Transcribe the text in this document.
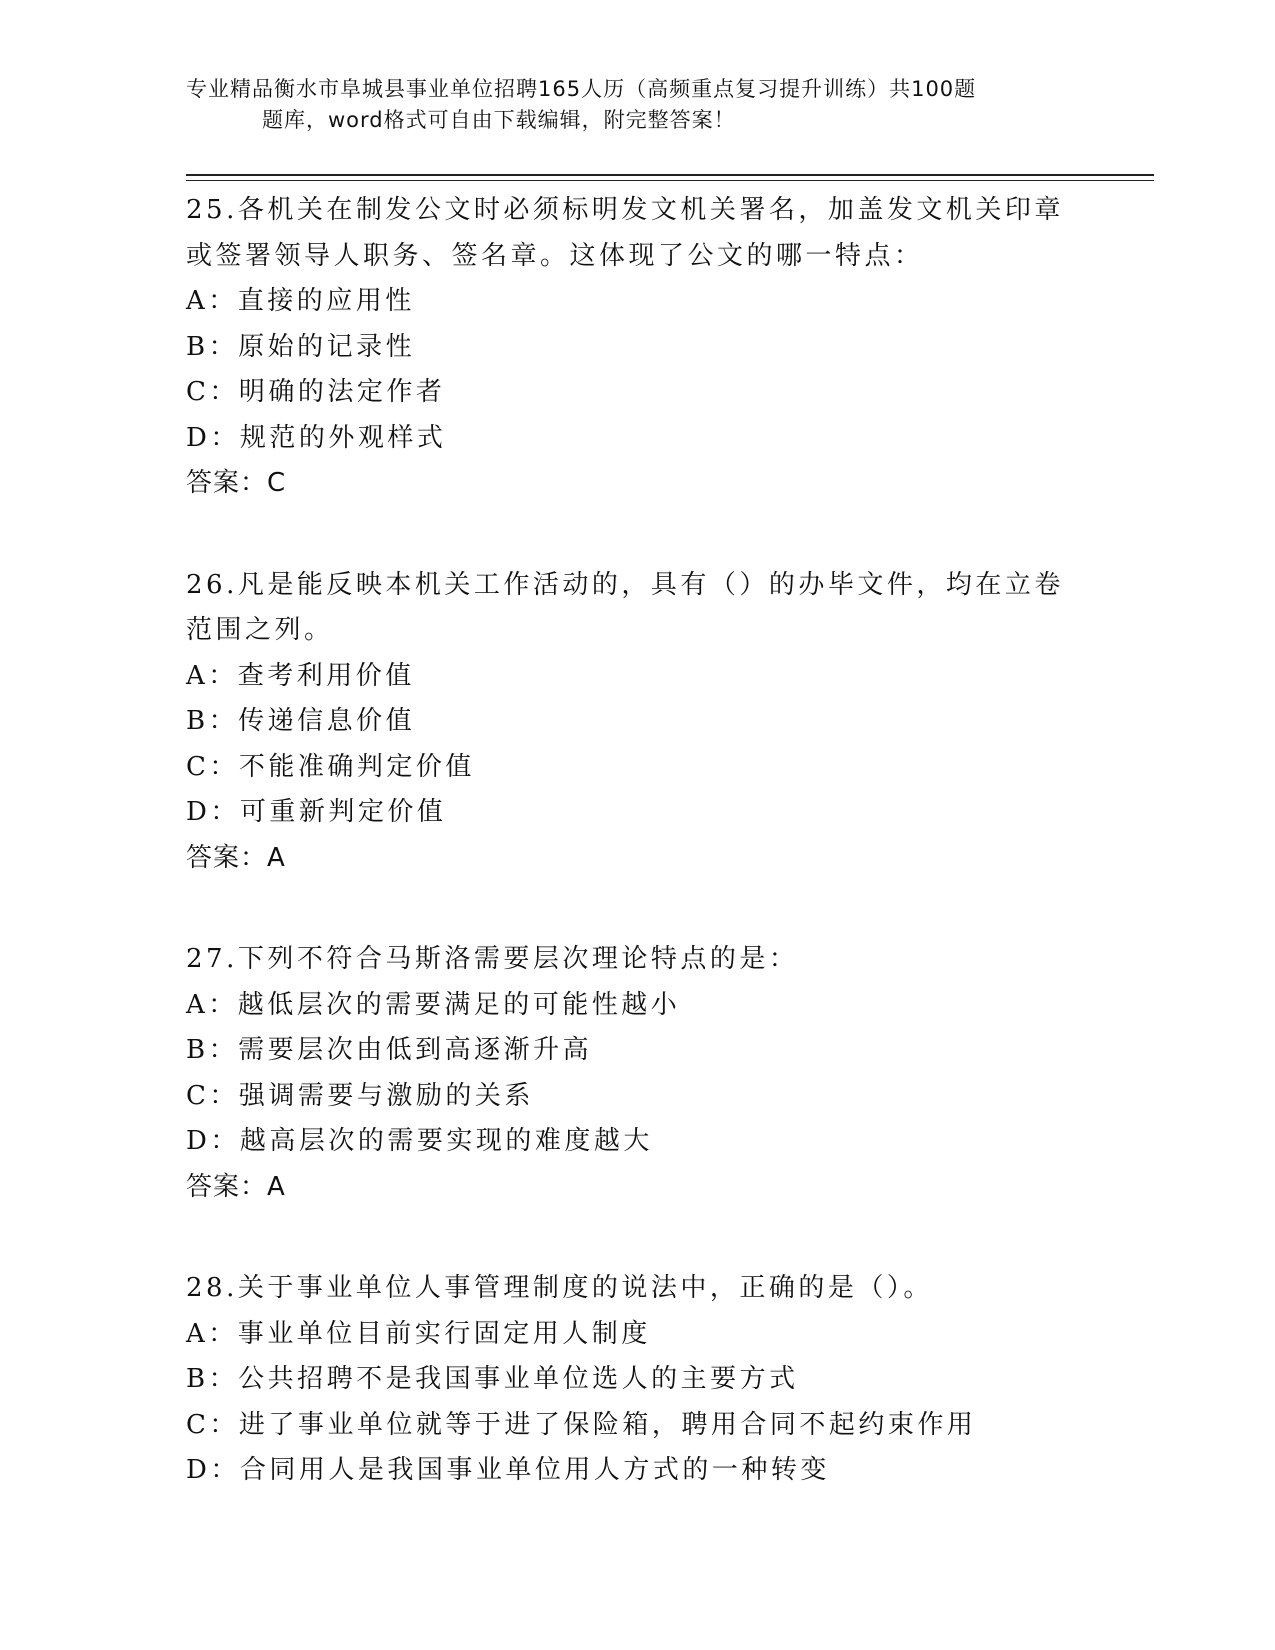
专业精品衡水市阜城县事业单位招聘165人历（高频重点复习提升训练）共100题
题库，word格式可自由下载编辑，附完整答案！
25.各机关在制发公文时必须标明发文机关署名，加盖发文机关印章或签署领导人职务、签名章。这体现了公文的哪一特点：
A：直接的应用性
B：原始的记录性
C：明确的法定作者
D：规范的外观样式
答案：C
26.凡是能反映本机关工作活动的，具有（）的办毕文件，均在立卷范围之列。
A：查考利用价值
B：传递信息价值
C：不能准确判定价值
D：可重新判定价值
答案：A
27.下列不符合马斯洛需要层次理论特点的是：
A：越低层次的需要满足的可能性越小
B：需要层次由低到高逐渐升高
C：强调需要与激励的关系
D：越高层次的需要实现的难度越大
答案：A
28.关于事业单位人事管理制度的说法中，正确的是（）。
A：事业单位目前实行固定用人制度
B：公共招聘不是我国事业单位选人的主要方式
C：进了事业单位就等于进了保险箱，聘用合同不起约束作用
D：合同用人是我国事业单位用人方式的一种转变
